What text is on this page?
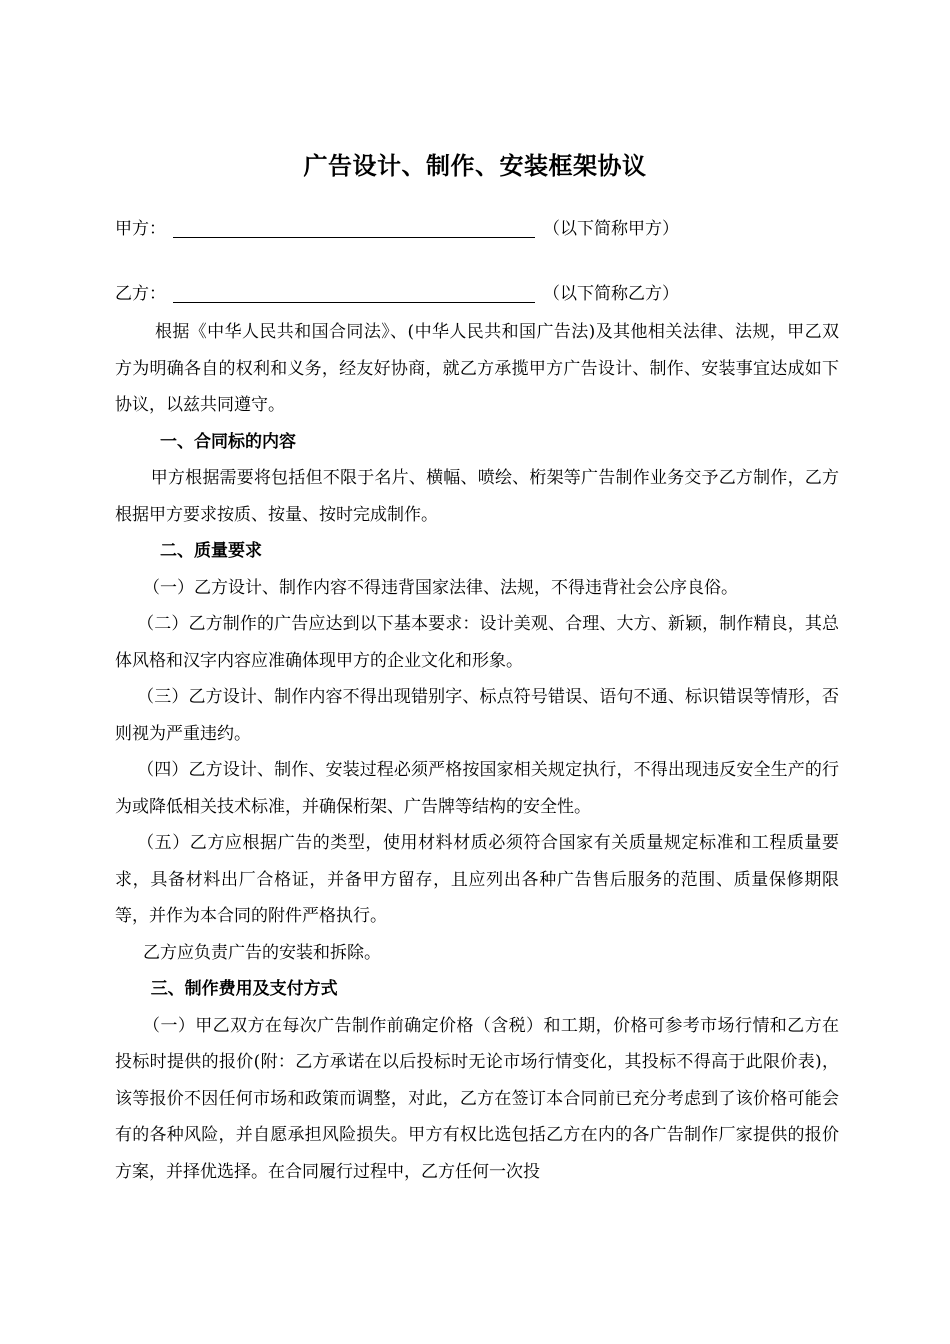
广告设计、制作、安装框架协议
甲方：	（以下简称甲方）
乙方：	（以下简称乙方）

根据《中华人民共和国合同法》、(中华人民共和国广告法)及其他相关法律、法规，甲乙双方为明确各自的权利和义务，经友好协商，就乙方承揽甲方广告设计、制作、安装事宜达成如下协议，以兹共同遵守。

一、合同标的内容

甲方根据需要将包括但不限于名片、横幅、喷绘、桁架等广告制作业务交予乙方制作，乙方根据甲方要求按质、按量、按时完成制作。

二、质量要求

（一）乙方设计、制作内容不得违背国家法律、法规，不得违背社会公序良俗。

（二）乙方制作的广告应达到以下基本要求：设计美观、合理、大方、新颖，制作精良，其总体风格和汉字内容应准确体现甲方的企业文化和形象。

（三）乙方设计、制作内容不得出现错别字、标点符号错误、语句不通、标识错误等情形，否则视为严重违约。

（四）乙方设计、制作、安装过程必须严格按国家相关规定执行，不得出现违反安全生产的行为或降低相关技术标准，并确保桁架、广告牌等结构的安全性。

（五）乙方应根据广告的类型，使用材料材质必须符合国家有关质量规定标准和工程质量要求，具备材料出厂合格证，并备甲方留存，且应列出各种广告售后服务的范围、质量保修期限等，并作为本合同的附件严格执行。

乙方应负责广告的安装和拆除。

三、制作费用及支付方式

（一）甲乙双方在每次广告制作前确定价格（含税）和工期，价格可参考市场行情和乙方在投标时提供的报价(附：乙方承诺在以后投标时无论市场行情变化，其投标不得高于此限价表)，该等报价不因任何市场和政策而调整，对此，乙方在签订本合同前已充分考虑到了该价格可能会有的各种风险，并自愿承担风险损失。甲方有权比选包括乙方在内的各广告制作厂家提供的报价方案，并择优选择。在合同履行过程中，乙方任何一次投
